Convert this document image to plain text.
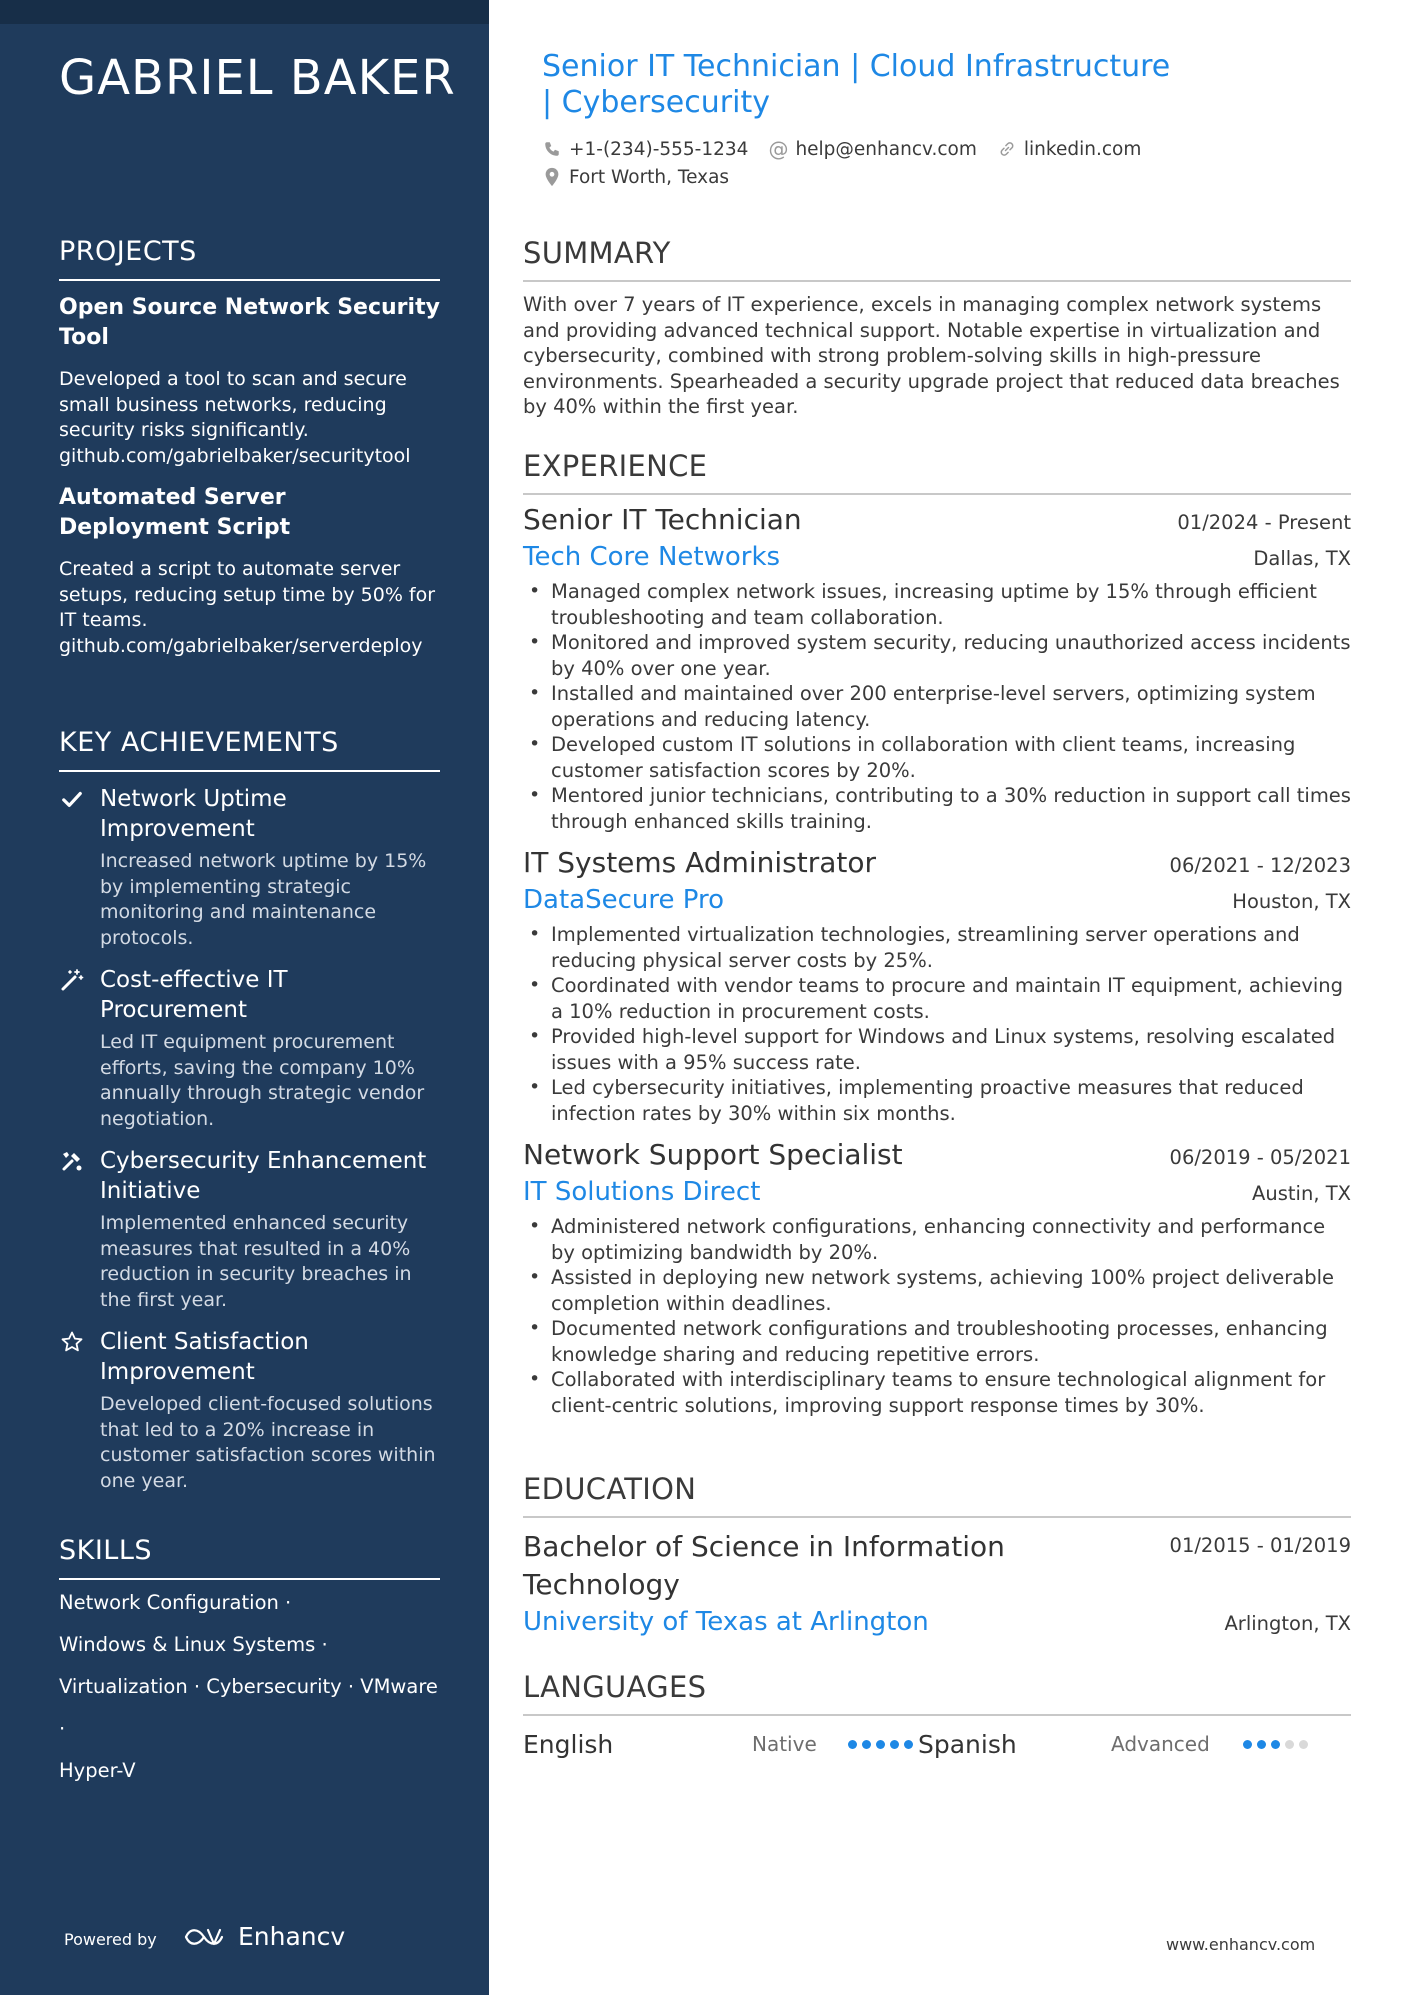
GABRIEL BAKER
PROJECTS
Open Source Network Security Tool
Developed a tool to scan and secure small business networks, reducing security risks significantly. github.com/gabrielbaker/securitytool
Automated Server Deployment Script
Created a script to automate server setups, reducing setup time by 50% for IT teams. github.com/gabrielbaker/serverdeploy
KEY ACHIEVEMENTS
Network Uptime Improvement
Increased network uptime by 15% by implementing strategic monitoring and maintenance protocols.
Cost-effective IT Procurement
Led IT equipment procurement efforts, saving the company 10% annually through strategic vendor negotiation.
Cybersecurity Enhancement Initiative
Implemented enhanced security measures that resulted in a 40% reduction in security breaches in the first year.
Client Satisfaction Improvement
Developed client-focused solutions that led to a 20% increase in customer satisfaction scores within one year.
SKILLS
Network Configuration ·
Windows & Linux Systems ·
Virtualization · Cybersecurity · VMware ·
Hyper-V
Powered by	Enhancv
Senior IT Technician | Cloud Infrastructure | Cybersecurity
+1-(234)-555-1234 @ help@enhancv.com	linkedin.com
Fort Worth, Texas
SUMMARY

With over 7 years of IT experience, excels in managing complex network systems and providing advanced technical support. Notable expertise in virtualization and cybersecurity, combined with strong problem-solving skills in high-pressure environments. Spearheaded a security upgrade project that reduced data breaches by 40% within the first year.

EXPERIENCE
Senior IT Technician	01/2024 - Present
Tech Core Networks	Dallas, TX
• Managed complex network issues, increasing uptime by 15% through efficient troubleshooting and team collaboration.
• Monitored and improved system security, reducing unauthorized access incidents by 40% over one year.
• Installed and maintained over 200 enterprise-level servers, optimizing system operations and reducing latency.
• Developed custom IT solutions in collaboration with client teams, increasing customer satisfaction scores by 20%.
• Mentored junior technicians, contributing to a 30% reduction in support call times through enhanced skills training.
IT Systems Administrator	06/2021 - 12/2023
DataSecure Pro	Houston, TX
• Implemented virtualization technologies, streamlining server operations and reducing physical server costs by 25%.
• Coordinated with vendor teams to procure and maintain IT equipment, achieving a 10% reduction in procurement costs.
• Provided high-level support for Windows and Linux systems, resolving escalated issues with a 95% success rate.
• Led cybersecurity initiatives, implementing proactive measures that reduced infection rates by 30% within six months.
Network Support Specialist	06/2019 - 05/2021
IT Solutions Direct	Austin, TX
• Administered network configurations, enhancing connectivity and performance by optimizing bandwidth by 20%.
• Assisted in deploying new network systems, achieving 100% project deliverable completion within deadlines.
• Documented network configurations and troubleshooting processes, enhancing knowledge sharing and reducing repetitive errors.
• Collaborated with interdisciplinary teams to ensure technological alignment for client-centric solutions, improving support response times by 30%.
EDUCATION
Bachelor of Science in Information Technology
01/2015 - 01/2019
University of Texas at Arlington	Arlington, TX
LANGUAGES
English	Native	Spanish	Advanced
www.enhancv.com
